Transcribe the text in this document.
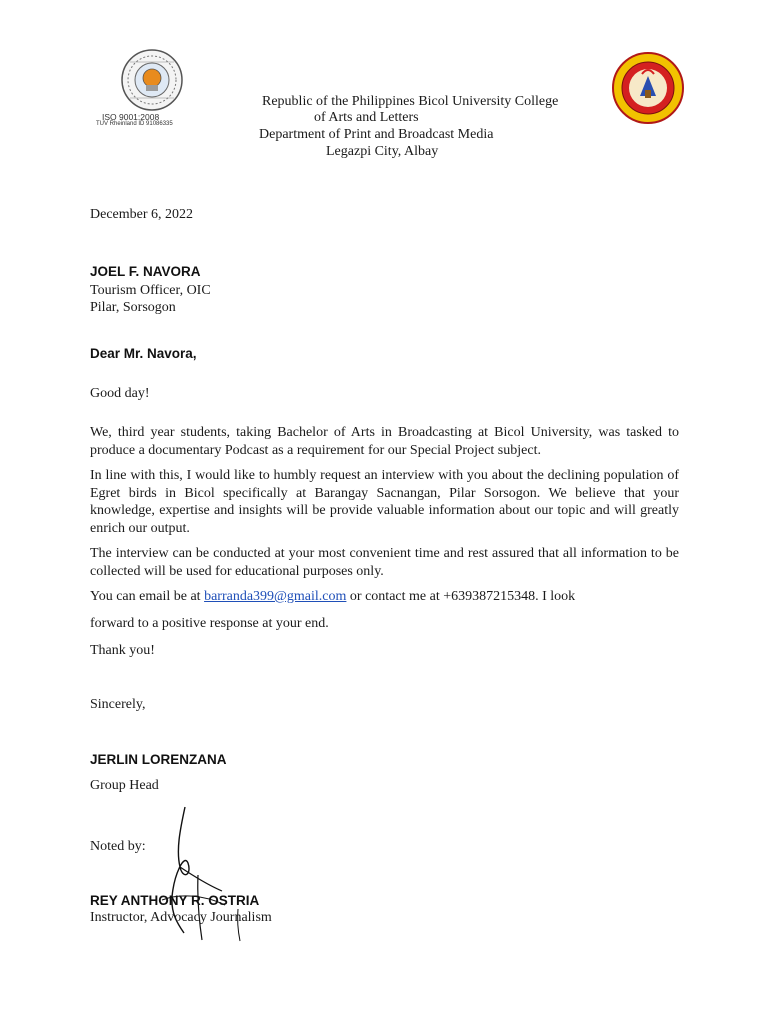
ISO 9001:2008
TUV Rheinland ID 91086335
Republic of the Philippines Bicol University College
of Arts and Letters
Department of Print and Broadcast Media
Legazpi City, Albay
December 6, 2022
JOEL F. NAVORA
Tourism Officer, OIC
Pilar, Sorsogon
Dear Mr. Navora,
Good day!
We, third year students, taking Bachelor of Arts in Broadcasting at Bicol University, was tasked to produce a documentary Podcast as a requirement for our Special Project subject.
In line with this, I would like to humbly request an interview with you about the declining population of Egret birds in Bicol specifically at Barangay Sacnangan, Pilar Sorsogon. We believe that your knowledge, expertise and insights will be provide valuable information about our topic and will greatly enrich our output.
The interview can be conducted at your most convenient time and rest assured that all information to be collected will be used for educational purposes only.
You can email be at barranda399@gmail.com or contact me at +639387215348. I look
forward to a positive response at your end.
Thank you!
Sincerely,
JERLIN LORENZANA
Group Head
Noted by:
REY ANTHONY R. OSTRIA
Instructor, Advocacy Journalism
